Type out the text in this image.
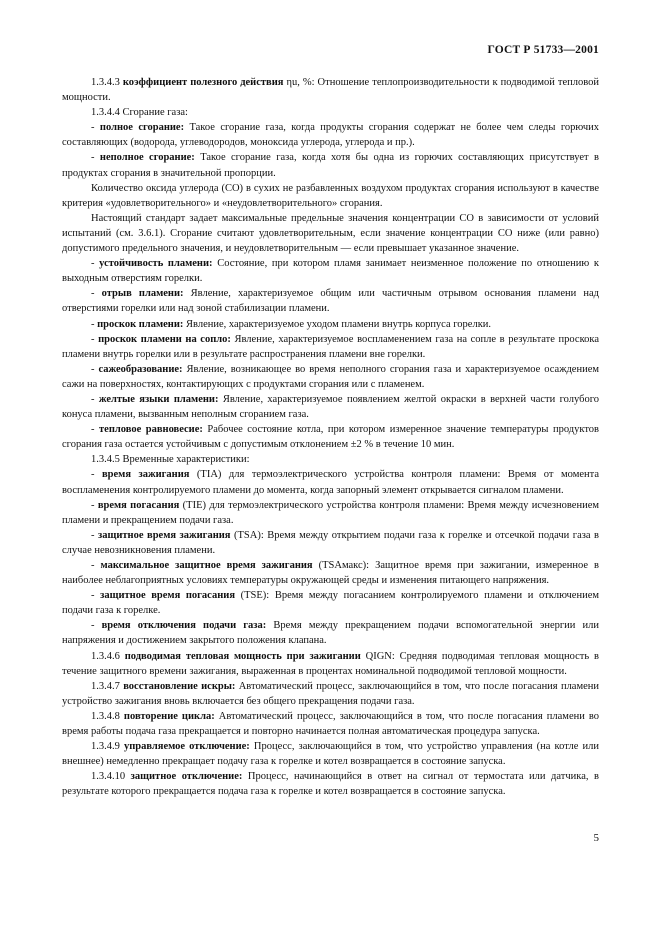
ГОСТ Р 51733—2001

1.3.4.3 коэффициент полезного действия ηu, %: Отношение теплопроизводительности к подводимой тепловой мощности.

1.3.4.4 Сгорание газа:

- полное сгорание: Такое сгорание газа, когда продукты сгорания содержат не более чем следы горючих составляющих (водорода, углеводородов, моноксида углерода, углерода и пр.).

- неполное сгорание: Такое сгорание газа, когда хотя бы одна из горючих составляющих присутствует в продуктах сгорания в значительной пропорции.

Количество оксида углерода (CO) в сухих не разбавленных воздухом продуктах сгорания используют в качестве критерия «удовлетворительного» и «неудовлетворительного» сгорания.

Настоящий стандарт задает максимальные предельные значения концентрации CO в зависимости от условий испытаний (см. 3.6.1). Сгорание считают удовлетворительным, если значение концентрации CO ниже (или равно) допустимого предельного значения, и неудовлетворительным — если превышает указанное значение.

- устойчивость пламени: Состояние, при котором пламя занимает неизменное положение по отношению к выходным отверстиям горелки.

- отрыв пламени: Явление, характеризуемое общим или частичным отрывом основания пламени над отверстиями горелки или над зоной стабилизации пламени.

- проскок пламени: Явление, характеризуемое уходом пламени внутрь корпуса горелки.

- проскок пламени на сопло: Явление, характеризуемое воспламенением газа на сопле в результате проскока пламени внутрь горелки или в результате распространения пламени вне горелки.

- сажеобразование: Явление, возникающее во время неполного сгорания газа и характеризуемое осаждением сажи на поверхностях, контактирующих с продуктами сгорания или с пламенем.

- желтые языки пламени: Явление, характеризуемое появлением желтой окраски в верхней части голубого конуса пламени, вызванным неполным сгоранием газа.

- тепловое равновесие: Рабочее состояние котла, при котором измеренное значение температуры продуктов сгорания газа остается устойчивым с допустимым отклонением ±2 % в течение 10 мин.

1.3.4.5 Временные характеристики:

- время зажигания (TIA) для термоэлектрического устройства контроля пламени: Время от момента воспламенения контролируемого пламени до момента, когда запорный элемент открывается сигналом пламени.

- время погасания (TIE) для термоэлектрического устройства контроля пламени: Время между исчезновением пламени и прекращением подачи газа.

- защитное время зажигания (TSA): Время между открытием подачи газа к горелке и отсечкой подачи газа в случае невозникновения пламени.

- максимальное защитное время зажигания (TSAмакс): Защитное время при зажигании, измеренное в наиболее неблагоприятных условиях температуры окружающей среды и изменения питающего напряжения.

- защитное время погасания (TSE): Время между погасанием контролируемого пламени и отключением подачи газа к горелке.

- время отключения подачи газа: Время между прекращением подачи вспомогательной энергии или напряжения и достижением закрытого положения клапана.

1.3.4.6 подводимая тепловая мощность при зажигании QIGN: Средняя подводимая тепловая мощность в течение защитного времени зажигания, выраженная в процентах номинальной подводимой тепловой мощности.

1.3.4.7 восстановление искры: Автоматический процесс, заключающийся в том, что после погасания пламени устройство зажигания вновь включается без общего прекращения подачи газа.

1.3.4.8 повторение цикла: Автоматический процесс, заключающийся в том, что после погасания пламени во время работы подача газа прекращается и повторно начинается полная автоматическая процедура запуска.

1.3.4.9 управляемое отключение: Процесс, заключающийся в том, что устройство управления (на котле или внешнее) немедленно прекращает подачу газа к горелке и котел возвращается в состояние запуска.

1.3.4.10 защитное отключение: Процесс, начинающийся в ответ на сигнал от термостата или датчика, в результате которого прекращается подача газа к горелке и котел возвращается в состояние запуска.

5
